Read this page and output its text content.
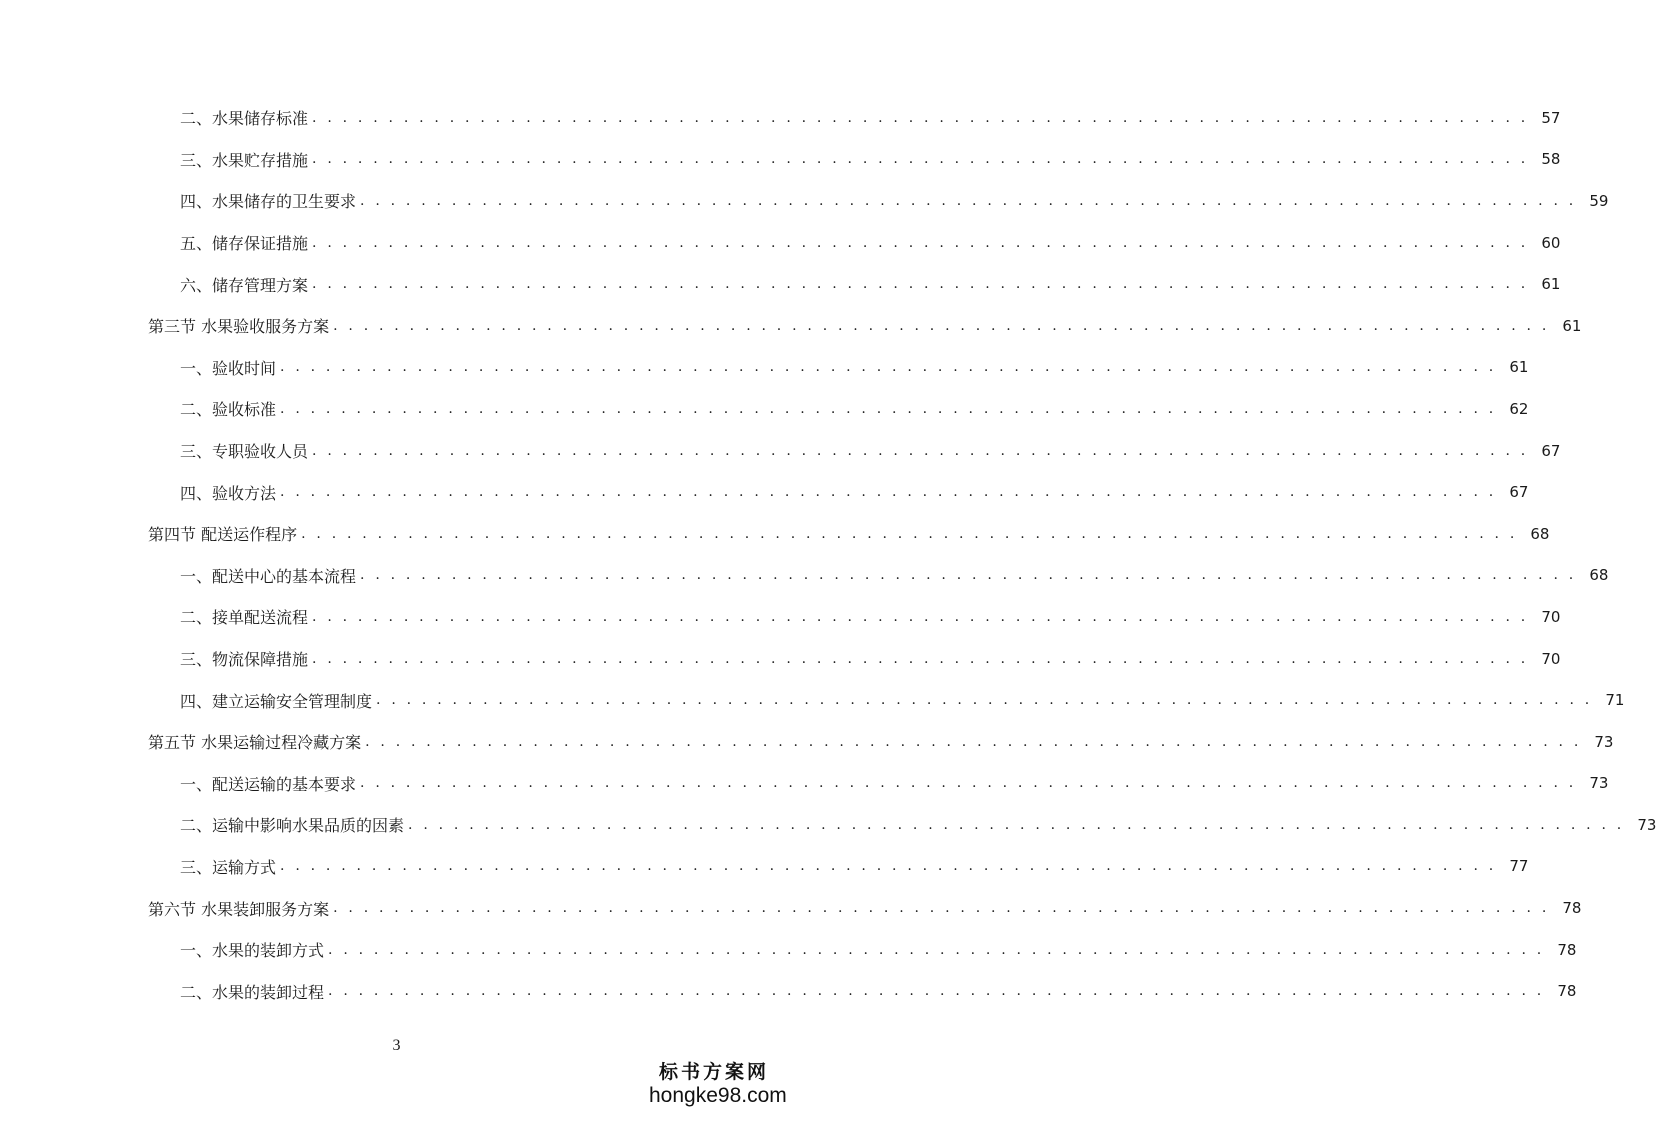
二、水果储存标准 . . . . . . . . . . . . . . . . . . . . . . . . . . . . . . . . . . . . . . . . . . . . . . . . . . . . . . . . . . . . . . . . . . . . . . . . . . . . . . . . 57
三、水果贮存措施 . . . . . . . . . . . . . . . . . . . . . . . . . . . . . . . . . . . . . . . . . . . . . . . . . . . . . . . . . . . . . . . . . . . . . . . . . . . . . . . . 58
四、水果储存的卫生要求 . . . . . . . . . . . . . . . . . . . . . . . . . . . . . . . . . . . . . . . . . . . . . . . . . . . . . . . . . . . . . . . . . . . . . . . . . . . . . . . . 59
五、储存保证措施 . . . . . . . . . . . . . . . . . . . . . . . . . . . . . . . . . . . . . . . . . . . . . . . . . . . . . . . . . . . . . . . . . . . . . . . . . . . . . . . . 60
六、储存管理方案 . . . . . . . . . . . . . . . . . . . . . . . . . . . . . . . . . . . . . . . . . . . . . . . . . . . . . . . . . . . . . . . . . . . . . . . . . . . . . . . . 61
第三节 水果验收服务方案 . . . . . . . . . . . . . . . . . . . . . . . . . . . . . . . . . . . . . . . . . . . . . . . . . . . . . . . . . . . . . . . . . . . . . . . . . . . . . . . . 61
一、验收时间 . . . . . . . . . . . . . . . . . . . . . . . . . . . . . . . . . . . . . . . . . . . . . . . . . . . . . . . . . . . . . . . . . . . . . . . . . . . . . . . . 61
二、验收标准 . . . . . . . . . . . . . . . . . . . . . . . . . . . . . . . . . . . . . . . . . . . . . . . . . . . . . . . . . . . . . . . . . . . . . . . . . . . . . . . . 62
三、专职验收人员 . . . . . . . . . . . . . . . . . . . . . . . . . . . . . . . . . . . . . . . . . . . . . . . . . . . . . . . . . . . . . . . . . . . . . . . . . . . . . . . . 67
四、验收方法 . . . . . . . . . . . . . . . . . . . . . . . . . . . . . . . . . . . . . . . . . . . . . . . . . . . . . . . . . . . . . . . . . . . . . . . . . . . . . . . . 67
第四节 配送运作程序 . . . . . . . . . . . . . . . . . . . . . . . . . . . . . . . . . . . . . . . . . . . . . . . . . . . . . . . . . . . . . . . . . . . . . . . . . . . . . . . . 68
一、配送中心的基本流程 . . . . . . . . . . . . . . . . . . . . . . . . . . . . . . . . . . . . . . . . . . . . . . . . . . . . . . . . . . . . . . . . . . . . . . . . . . . . . . . . 68
二、接单配送流程 . . . . . . . . . . . . . . . . . . . . . . . . . . . . . . . . . . . . . . . . . . . . . . . . . . . . . . . . . . . . . . . . . . . . . . . . . . . . . . . . 70
三、物流保障措施 . . . . . . . . . . . . . . . . . . . . . . . . . . . . . . . . . . . . . . . . . . . . . . . . . . . . . . . . . . . . . . . . . . . . . . . . . . . . . . . . 70
四、建立运输安全管理制度 . . . . . . . . . . . . . . . . . . . . . . . . . . . . . . . . . . . . . . . . . . . . . . . . . . . . . . . . . . . . . . . . . . . . . . . . . . . . . . . . 71
第五节 水果运输过程冷藏方案 . . . . . . . . . . . . . . . . . . . . . . . . . . . . . . . . . . . . . . . . . . . . . . . . . . . . . . . . . . . . . . . . . . . . . . . . . . . . . . . . 73
一、配送运输的基本要求 . . . . . . . . . . . . . . . . . . . . . . . . . . . . . . . . . . . . . . . . . . . . . . . . . . . . . . . . . . . . . . . . . . . . . . . . . . . . . . . . 73
二、运输中影响水果品质的因素 . . . . . . . . . . . . . . . . . . . . . . . . . . . . . . . . . . . . . . . . . . . . . . . . . . . . . . . . . . . . . . . . . . . . . . . . . . . . . . . . 73
三、运输方式 . . . . . . . . . . . . . . . . . . . . . . . . . . . . . . . . . . . . . . . . . . . . . . . . . . . . . . . . . . . . . . . . . . . . . . . . . . . . . . . . 77
第六节 水果装卸服务方案 . . . . . . . . . . . . . . . . . . . . . . . . . . . . . . . . . . . . . . . . . . . . . . . . . . . . . . . . . . . . . . . . . . . . . . . . . . . . . . . . 78
一、水果的装卸方式 . . . . . . . . . . . . . . . . . . . . . . . . . . . . . . . . . . . . . . . . . . . . . . . . . . . . . . . . . . . . . . . . . . . . . . . . . . . . . . . . 78
二、水果的装卸过程 . . . . . . . . . . . . . . . . . . . . . . . . . . . . . . . . . . . . . . . . . . . . . . . . . . . . . . . . . . . . . . . . . . . . . . . . . . . . . . . . 78
3
标书方案网
hongke98.com
